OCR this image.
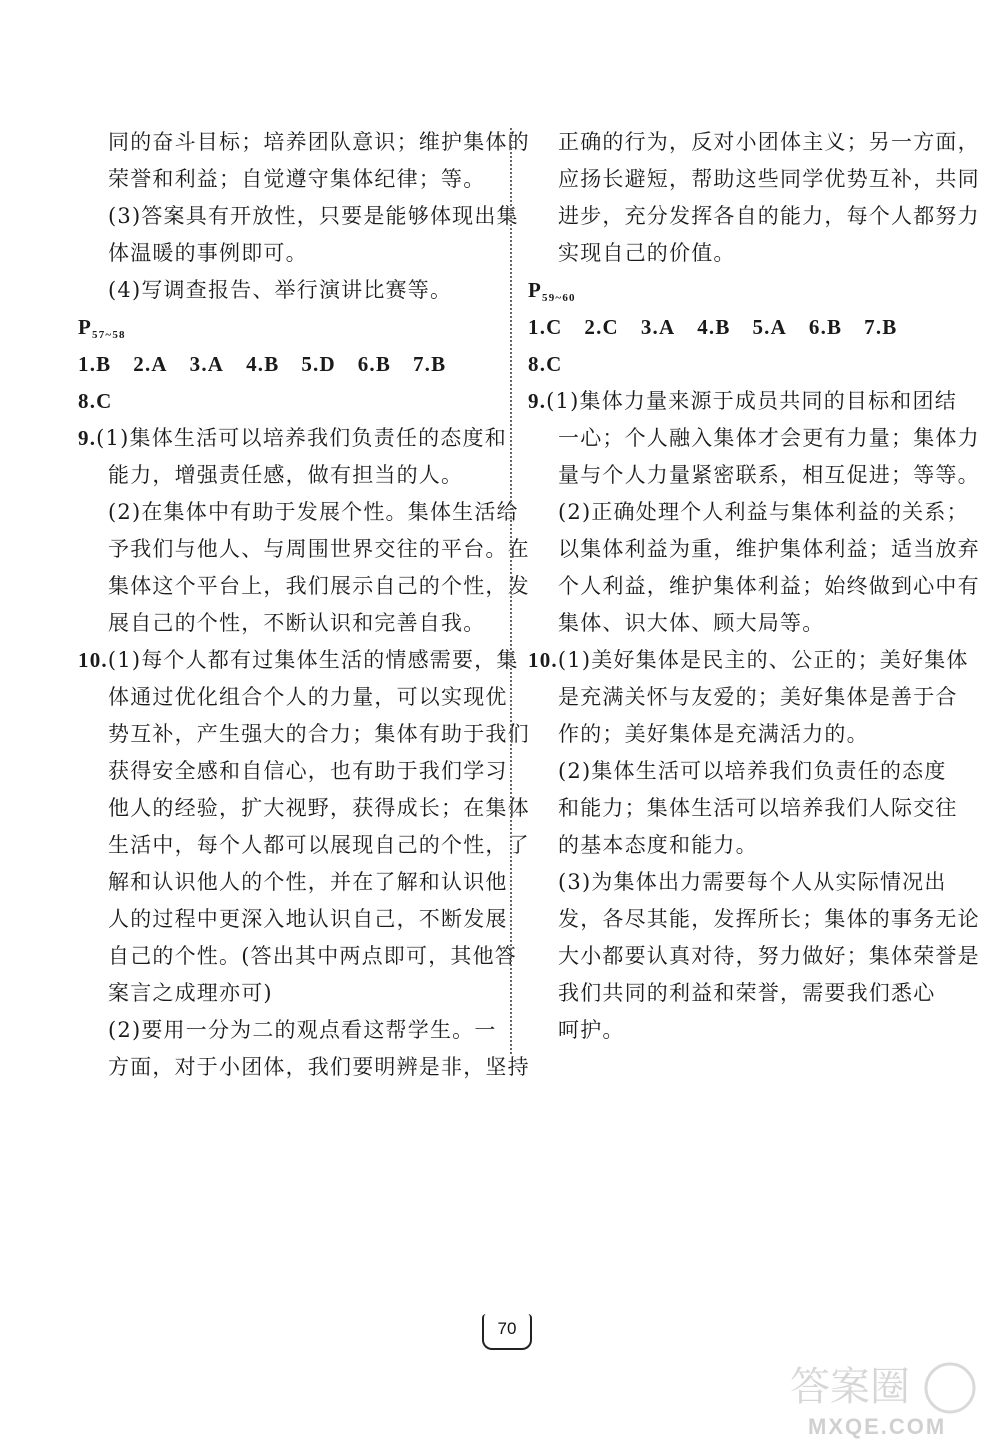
同的奋斗目标；培养团队意识；维护集体的
荣誉和利益；自觉遵守集体纪律；等。
(3)答案具有开放性，只要是能够体现出集
体温暖的事例即可。
(4)写调查报告、举行演讲比赛等。
$P_{57\sim 58}$
1.B 2.A 3.A 4.B 5.D 6.B 7.B
8.C
9.(1)集体生活可以培养我们负责任的态度和
能力，增强责任感，做有担当的人。
(2)在集体中有助于发展个性。集体生活给
予我们与他人、与周围世界交往的平台。在
集体这个平台上，我们展示自己的个性，发
展自己的个性，不断认识和完善自我。
10.(1)每个人都有过集体生活的情感需要，集
体通过优化组合个人的力量，可以实现优
势互补，产生强大的合力；集体有助于我们
获得安全感和自信心，也有助于我们学习
他人的经验，扩大视野，获得成长；在集体
生活中，每个人都可以展现自己的个性，了
解和认识他人的个性，并在了解和认识他
人的过程中更深入地认识自己，不断发展
自己的个性。(答出其中两点即可，其他答
案言之成理亦可)
(2)要用一分为二的观点看这帮学生。一
方面，对于小团体，我们要明辨是非，坚持
正确的行为，反对小团体主义；另一方面，
应扬长避短，帮助这些同学优势互补，共同
进步，充分发挥各自的能力，每个人都努力
实现自己的价值。
$P_{59\sim 60}$
1.C 2.C 3.A 4.B 5.A 6.B 7.B
8.C
9.(1)集体力量来源于成员共同的目标和团结
一心；个人融入集体才会更有力量；集体力
量与个人力量紧密联系，相互促进；等等。
(2)正确处理个人利益与集体利益的关系；
以集体利益为重，维护集体利益；适当放弃
个人利益，维护集体利益；始终做到心中有
集体、识大体、顾大局等。
10.(1)美好集体是民主的、公正的；美好集体
是充满关怀与友爱的；美好集体是善于合
作的；美好集体是充满活力的。
(2)集体生活可以培养我们负责任的态度
和能力；集体生活可以培养我们人际交往
的基本态度和能力。
(3)为集体出力需要每个人从实际情况出
发，各尽其能，发挥所长；集体的事务无论
大小都要认真对待，努力做好；集体荣誉是
我们共同的利益和荣誉，需要我们悉心
呵护。
70
答案圈
MXQE.COM
